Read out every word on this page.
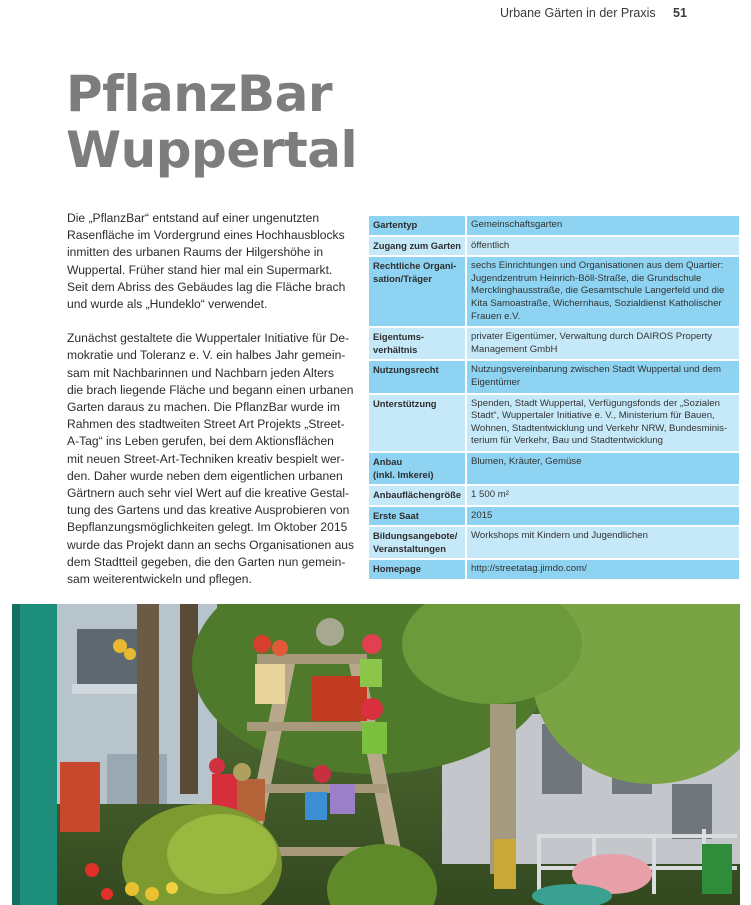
Urbane Gärten in der Praxis 51
PflanzBar
Wuppertal

Die „PflanzBar“ entstand auf einer ungenutzten
Rasenfläche im Vordergrund eines Hochhausblocks
inmitten des urbanen Raums der Hilgershöhe in
Wuppertal. Früher stand hier mal ein Supermarkt.
Seit dem Abriss des Gebäudes lag die Fläche brach
und wurde als „Hundeklo“ verwendet.

Zunächst gestaltete die Wuppertaler Initiative für De-
mokratie und Toleranz e. V. ein halbes Jahr gemein-
sam mit Nachbarinnen und Nachbarn jeden Alters
die brach liegende Fläche und begann einen urbanen
Garten daraus zu machen. Die PflanzBar wurde im
Rahmen des stadtweiten Street Art Projekts „Street-
A-Tag“ ins Leben gerufen, bei dem Aktionsflächen
mit neuen Street-Art-Techniken kreativ bespielt wer-
den. Daher wurde neben dem eigentlichen urbanen
Gärtnern auch sehr viel Wert auf die kreative Gestal-
tung des Gartens und das kreative Ausprobieren von
Bepflanzungsmöglichkeiten gelegt. Im Oktober 2015
wurde das Projekt dann an sechs Organisationen aus
dem Stadtteil gegeben, die den Garten nun gemein-
sam weiterentwickeln und pflegen.

Gartentyp	Gemeinschaftsgarten

Zugang zum Garten	öffentlich

Rechtliche Organi-
sation/Träger	sechs Einrichtungen und Organisationen aus dem Quartier:
Jugendzentrum Heinrich-Böll-Straße, die Grundschule
Mercklinghausstraße, die Gesamtschule Langerfeld und die
Kita Samoastraße, Wichernhaus, Sozialdienst Katholischer
Frauen e.V.

Eigentums-
verhältnis	privater Eigentümer, Verwaltung durch DAIROS Property
Management GmbH

Nutzungsrecht	Nutzungsvereinbarung zwischen Stadt Wuppertal und dem
Eigentümer

Unterstützung	Spenden, Stadt Wuppertal, Verfügungsfonds der „Sozialen
Stadt“, Wuppertaler Initiative e. V., Ministerium für Bauen,
Wohnen, Stadtentwicklung und Verkehr NRW, Bundesminis-
terium für Verkehr, Bau und Stadtentwicklung

Anbau
(inkl. Imkerei)	Blumen, Kräuter, Gemüse

Anbauflächengröße	1 500 m²

Erste Saat	2015

Bildungsangebote/
Veranstaltungen	Workshops mit Kindern und Jugendlichen

Homepage	http://streetatag.jimdo.com/
